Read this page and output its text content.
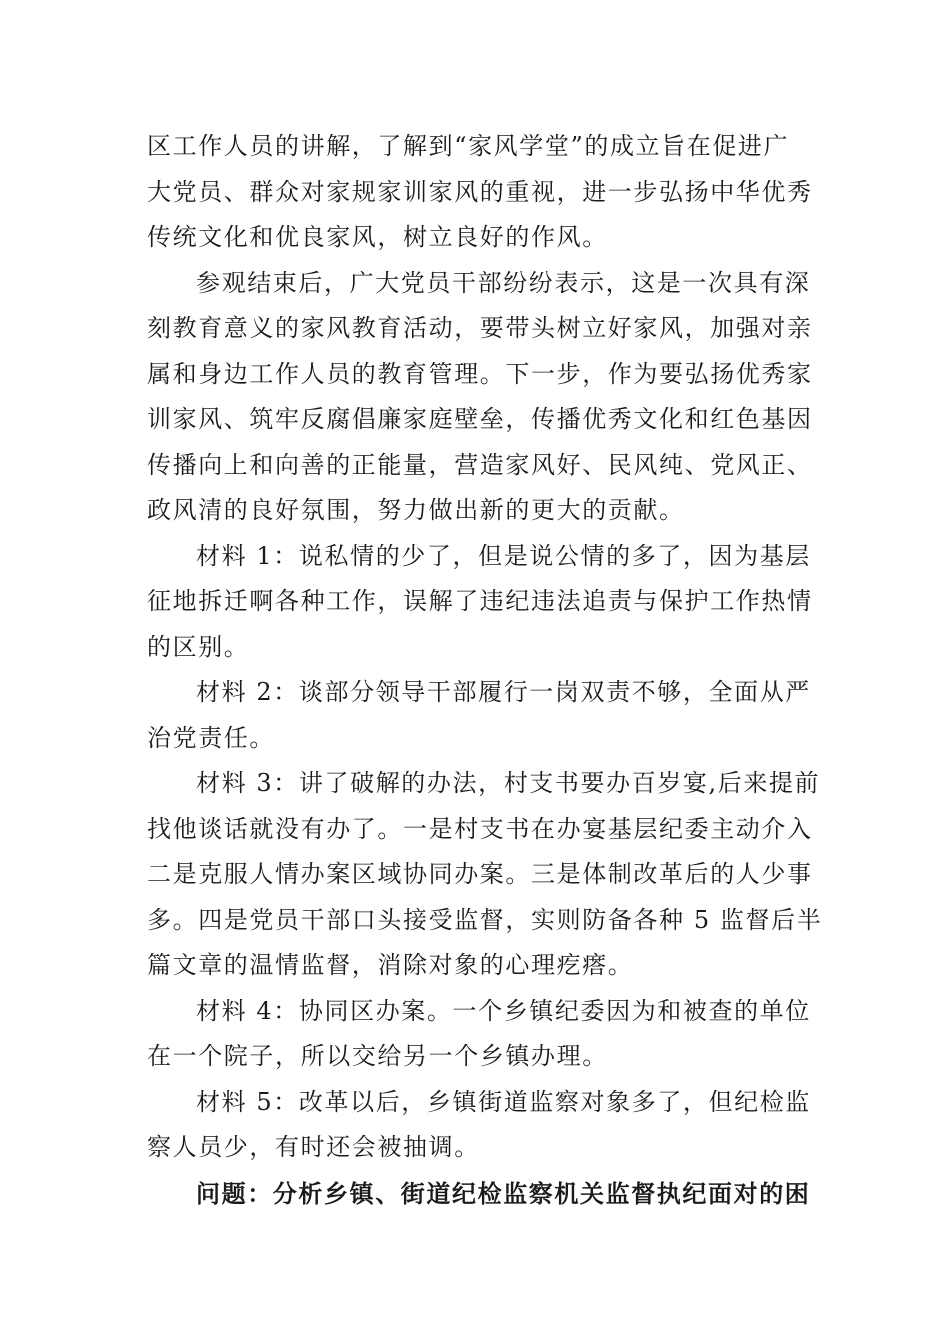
区工作人员的讲解，了解到“家风学堂”的成立旨在促进广
大党员、群众对家规家训家风的重视，进一步弘扬中华优秀
传统文化和优良家风，树立良好的作风。
参观结束后，广大党员干部纷纷表示，这是一次具有深
刻教育意义的家风教育活动，要带头树立好家风，加强对亲
属和身边工作人员的教育管理。下一步，作为要弘扬优秀家
训家风、筑牢反腐倡廉家庭壁垒，传播优秀文化和红色基因
传播向上和向善的正能量，营造家风好、民风纯、党风正、
政风清的良好氛围，努力做出新的更大的贡献。
材料 1：说私情的少了，但是说公情的多了，因为基层
征地拆迁啊各种工作，误解了违纪违法追责与保护工作热情
的区别。
材料 2：谈部分领导干部履行一岗双责不够，全面从严
治党责任。
材料 3：讲了破解的办法，村支书要办百岁宴,后来提前
找他谈话就没有办了。一是村支书在办宴基层纪委主动介入
二是克服人情办案区域协同办案。三是体制改革后的人少事
多。四是党员干部口头接受监督，实则防备各种 5 监督后半
篇文章的温情监督，消除对象的心理疙瘩。
材料 4：协同区办案。一个乡镇纪委因为和被查的单位
在一个院子，所以交给另一个乡镇办理。
材料 5：改革以后，乡镇街道监察对象多了，但纪检监
察人员少，有时还会被抽调。
问题：分析乡镇、街道纪检监察机关监督执纪面对的困
